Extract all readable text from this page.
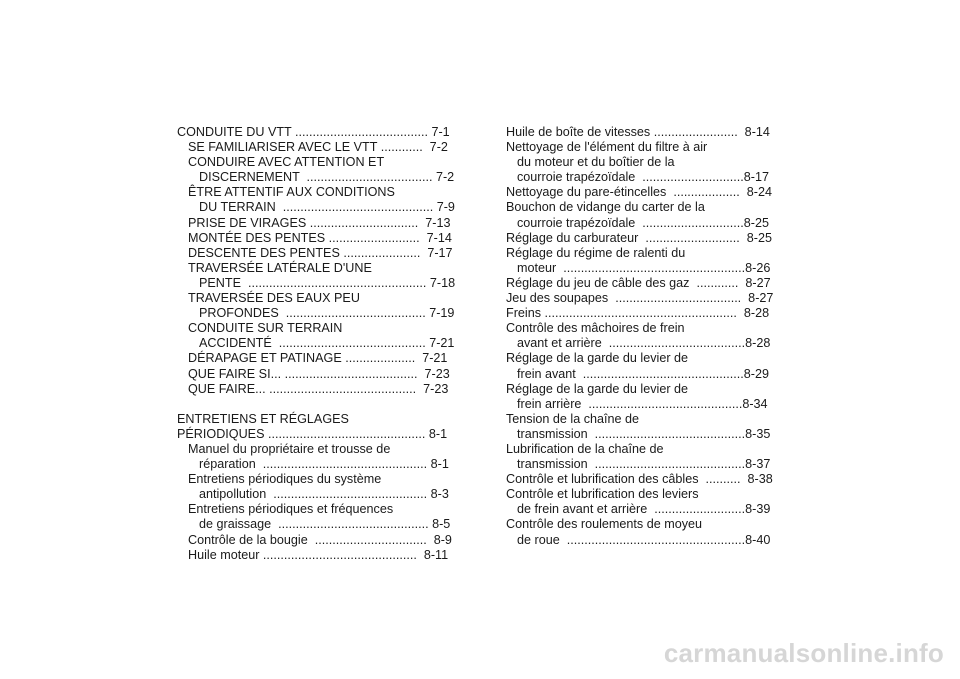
CONDUITE DU VTT ...................................... 7-1
SE FAMILIARISER AVEC LE VTT ............  7-2
CONDUIRE AVEC ATTENTION ET
DISCERNEMENT  .................................... 7-2
ÊTRE ATTENTIF AUX CONDITIONS
DU TERRAIN  ........................................... 7-9
PRISE DE VIRAGES ...............................  7-13
MONTÉE DES PENTES ..........................  7-14
DESCENTE DES PENTES ......................  7-17
TRAVERSÉE LATÉRALE D'UNE
PENTE  ................................................... 7-18
TRAVERSÉE DES EAUX PEU
PROFONDES  ........................................ 7-19
CONDUITE SUR TERRAIN
ACCIDENTÉ  .......................................... 7-21
DÉRAPAGE ET PATINAGE ....................  7-21
QUE FAIRE SI... ......................................  7-23
QUE FAIRE... ..........................................  7-23
ENTRETIENS ET RÉGLAGES
PÉRIODIQUES ............................................. 8-1
Manuel du propriétaire et trousse de
réparation  ............................................... 8-1
Entretiens périodiques du système
antipollution  ............................................ 8-3
Entretiens périodiques et fréquences
de graissage  ........................................... 8-5
Contrôle de la bougie  ................................  8-9
Huile moteur ............................................  8-11
Huile de boîte de vitesses ........................  8-14
Nettoyage de l'élément du filtre à air
du moteur et du boîtier de la
courroie trapézoïdale  .............................8-17
Nettoyage du pare-étincelles  ...................  8-24
Bouchon de vidange du carter de la
courroie trapézoïdale  .............................8-25
Réglage du carburateur  ...........................  8-25
Réglage du régime de ralenti du
moteur  ....................................................8-26
Réglage du jeu de câble des gaz  ............  8-27
Jeu des soupapes  ....................................  8-27
Freins .......................................................  8-28
Contrôle des mâchoires de frein
avant et arrière  .......................................8-28
Réglage de la garde du levier de
frein avant  ..............................................8-29
Réglage de la garde du levier de
frein arrière  ............................................8-34
Tension de la chaîne de
transmission  ...........................................8-35
Lubrification de la chaîne de
transmission  ...........................................8-37
Contrôle et lubrification des câbles  ..........  8-38
Contrôle et lubrification des leviers
de frein avant et arrière  ..........................8-39
Contrôle des roulements de moyeu
de roue  ...................................................8-40
carmanualsonline.info
